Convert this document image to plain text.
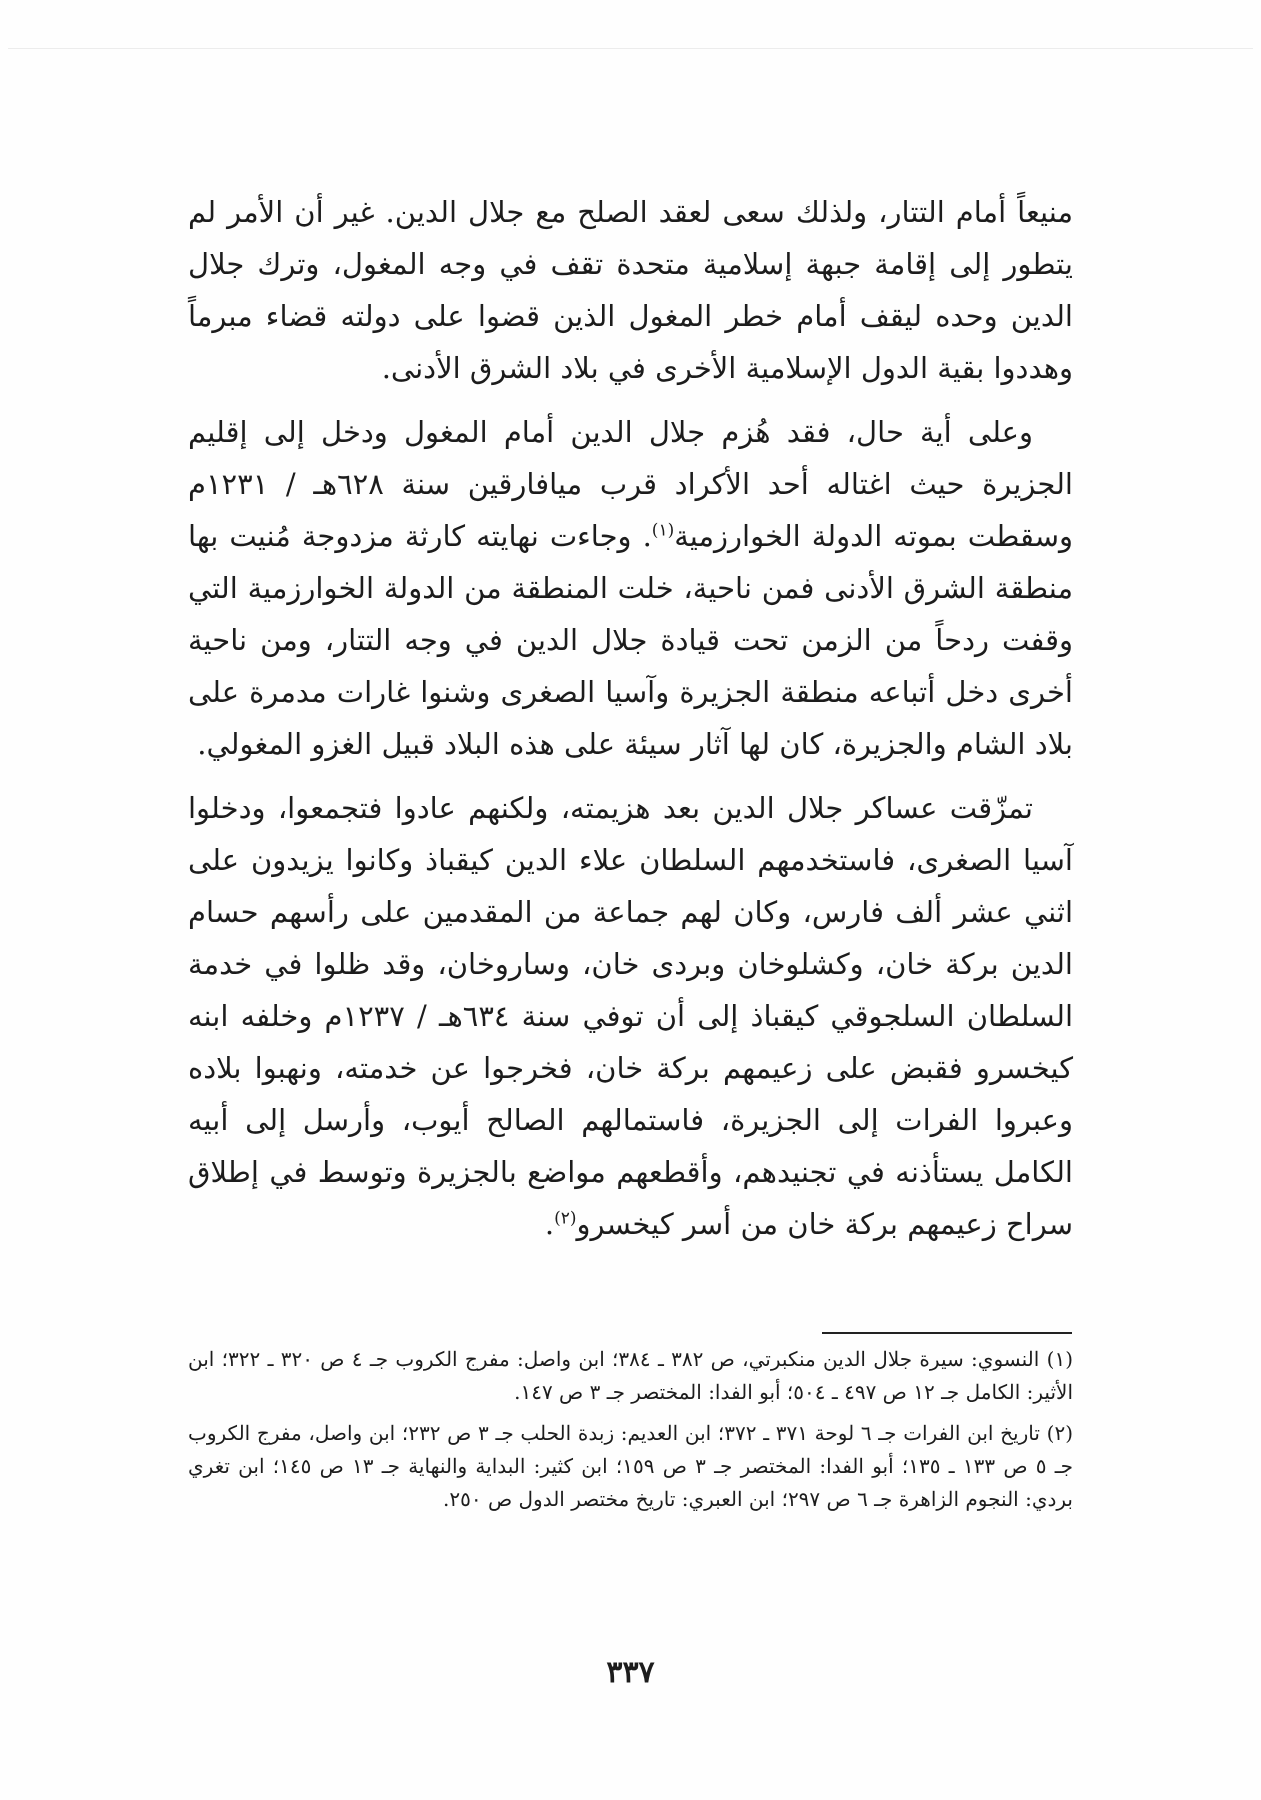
منيعاً أمام التتار، ولذلك سعى لعقد الصلح مع جلال الدين. غير أن الأمر لم يتطور إلى إقامة جبهة إسلامية متحدة تقف في وجه المغول، وترك جلال الدين وحده ليقف أمام خطر المغول الذين قضوا على دولته قضاء مبرماً وهددوا بقية الدول الإسلامية الأخرى في بلاد الشرق الأدنى.

وعلى أية حال، فقد هُزم جلال الدين أمام المغول ودخل إلى إقليم الجزيرة حيث اغتاله أحد الأكراد قرب ميافارقين سنة ٦٢٨هـ / ١٢٣١م وسقطت بموته الدولة الخوارزمية$^{(١)}$. وجاءت نهايته كارثة مزدوجة مُنيت بها منطقة الشرق الأدنى فمن ناحية، خلت المنطقة من الدولة الخوارزمية التي وقفت ردحاً من الزمن تحت قيادة جلال الدين في وجه التتار، ومن ناحية أخرى دخل أتباعه منطقة الجزيرة وآسيا الصغرى وشنوا غارات مدمرة على بلاد الشام والجزيرة، كان لها آثار سيئة على هذه البلاد قبيل الغزو المغولي.

تمزّقت عساكر جلال الدين بعد هزيمته، ولكنهم عادوا فتجمعوا، ودخلوا آسيا الصغرى، فاستخدمهم السلطان علاء الدين كيقباذ وكانوا يزيدون على اثني عشر ألف فارس، وكان لهم جماعة من المقدمين على رأسهم حسام الدين بركة خان، وكشلوخان وبردى خان، وساروخان، وقد ظلوا في خدمة السلطان السلجوقي كيقباذ إلى أن توفي سنة ٦٣٤هـ / ١٢٣٧م وخلفه ابنه كيخسرو فقبض على زعيمهم بركة خان، فخرجوا عن خدمته، ونهبوا بلاده وعبروا الفرات إلى الجزيرة، فاستمالهم الصالح أيوب، وأرسل إلى أبيه الكامل يستأذنه في تجنيدهم، وأقطعهم مواضع بالجزيرة وتوسط في إطلاق سراح زعيمهم بركة خان من أسر كيخسرو$^{(٢)}$.

(١) النسوي: سيرة جلال الدين منكبرتي، ص ٣٨٢ ـ ٣٨٤؛ ابن واصل: مفرج الكروب جـ ٤ ص ٣٢٠ ـ ٣٢٢؛ ابن الأثير: الكامل جـ ١٢ ص ٤٩٧ ـ ٥٠٤؛ أبو الفدا: المختصر جـ ٣ ص ١٤٧.

(٢) تاريخ ابن الفرات جـ ٦ لوحة ٣٧١ ـ ٣٧٢؛ ابن العديم: زبدة الحلب جـ ٣ ص ٢٣٢؛ ابن واصل، مفرج الكروب جـ ٥ ص ١٣٣ ـ ١٣٥؛ أبو الفدا: المختصر جـ ٣ ص ١٥٩؛ ابن كثير: البداية والنهاية جـ ١٣ ص ١٤٥؛ ابن تغري بردي: النجوم الزاهرة جـ ٦ ص ٢٩٧؛ ابن العبري: تاريخ مختصر الدول ص ٢٥٠.

٣٣٧
